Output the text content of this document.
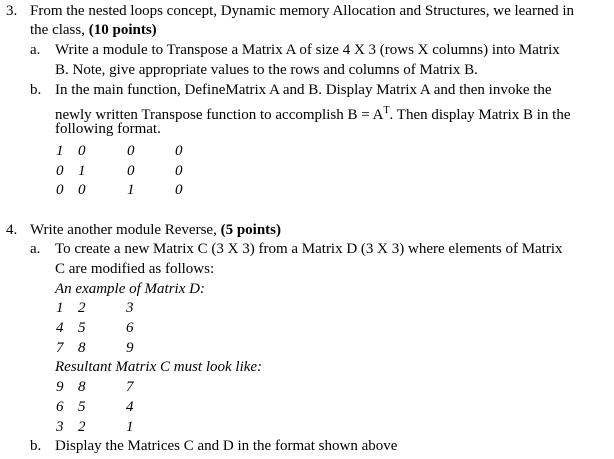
3. From the nested loops concept, Dynamic memory Allocation and Structures, we learned in
the class, (10 points)
a. Write a module to Transpose a Matrix A of size 4 X 3 (rows X columns) into Matrix
B. Note, give appropriate values to the rows and columns of Matrix B.
b. In the main function, DefineMatrix A and B. Display Matrix A and then invoke the
newly written Transpose function to accomplish $B = A^T$. Then display Matrix B in the
following format.
1 0	0	0
0 1	0	0
0 0	1	0
4. Write another module Reverse, (5 points)
a. To create a new Matrix C (3 X 3) from a Matrix D (3 X 3) where elements of Matrix
C are modified as follows:
An example of Matrix D:
1 2	3
4 5	6
7 8	9
Resultant Matrix C must look like:
9 8	7
6 5	4
3 2	1
b. Display the Matrices C and D in the format shown above
